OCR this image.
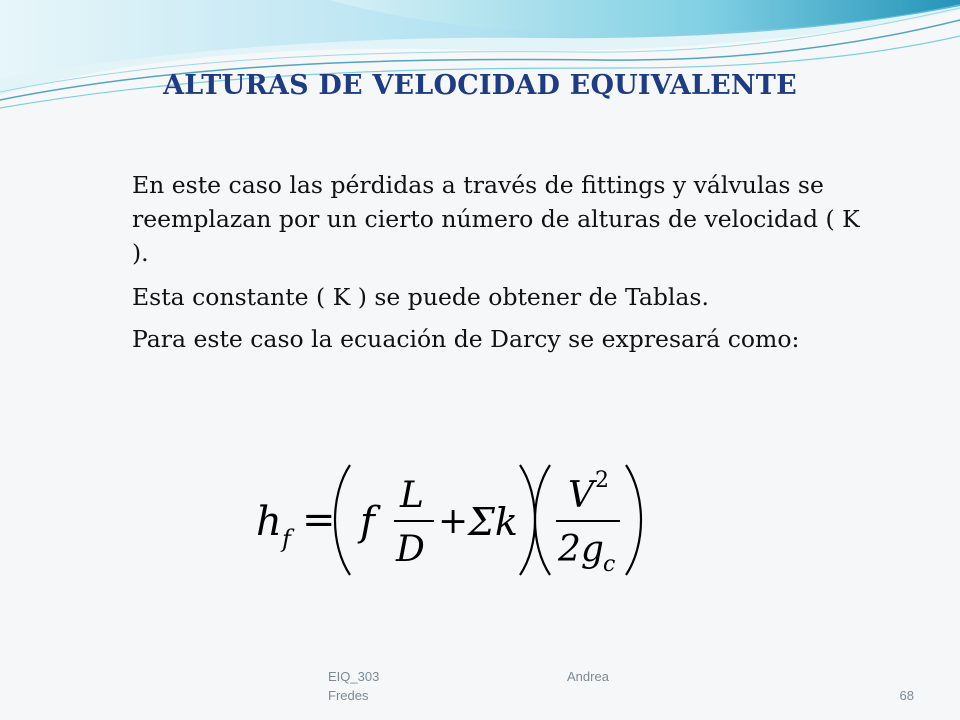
ALTURAS DE VELOCIDAD EQUIVALENTE

En este caso las pérdidas a través de fittings y válvulas se reemplazan por un cierto número de alturas de velocidad ( K ).

Esta constante ( K ) se puede obtener de Tablas.

Para este caso la ecuación de Darcy se expresará como:

h f = f
L
D
+ Σk
V 2
2g c
EIQ_303
Fredes
Andrea
68
